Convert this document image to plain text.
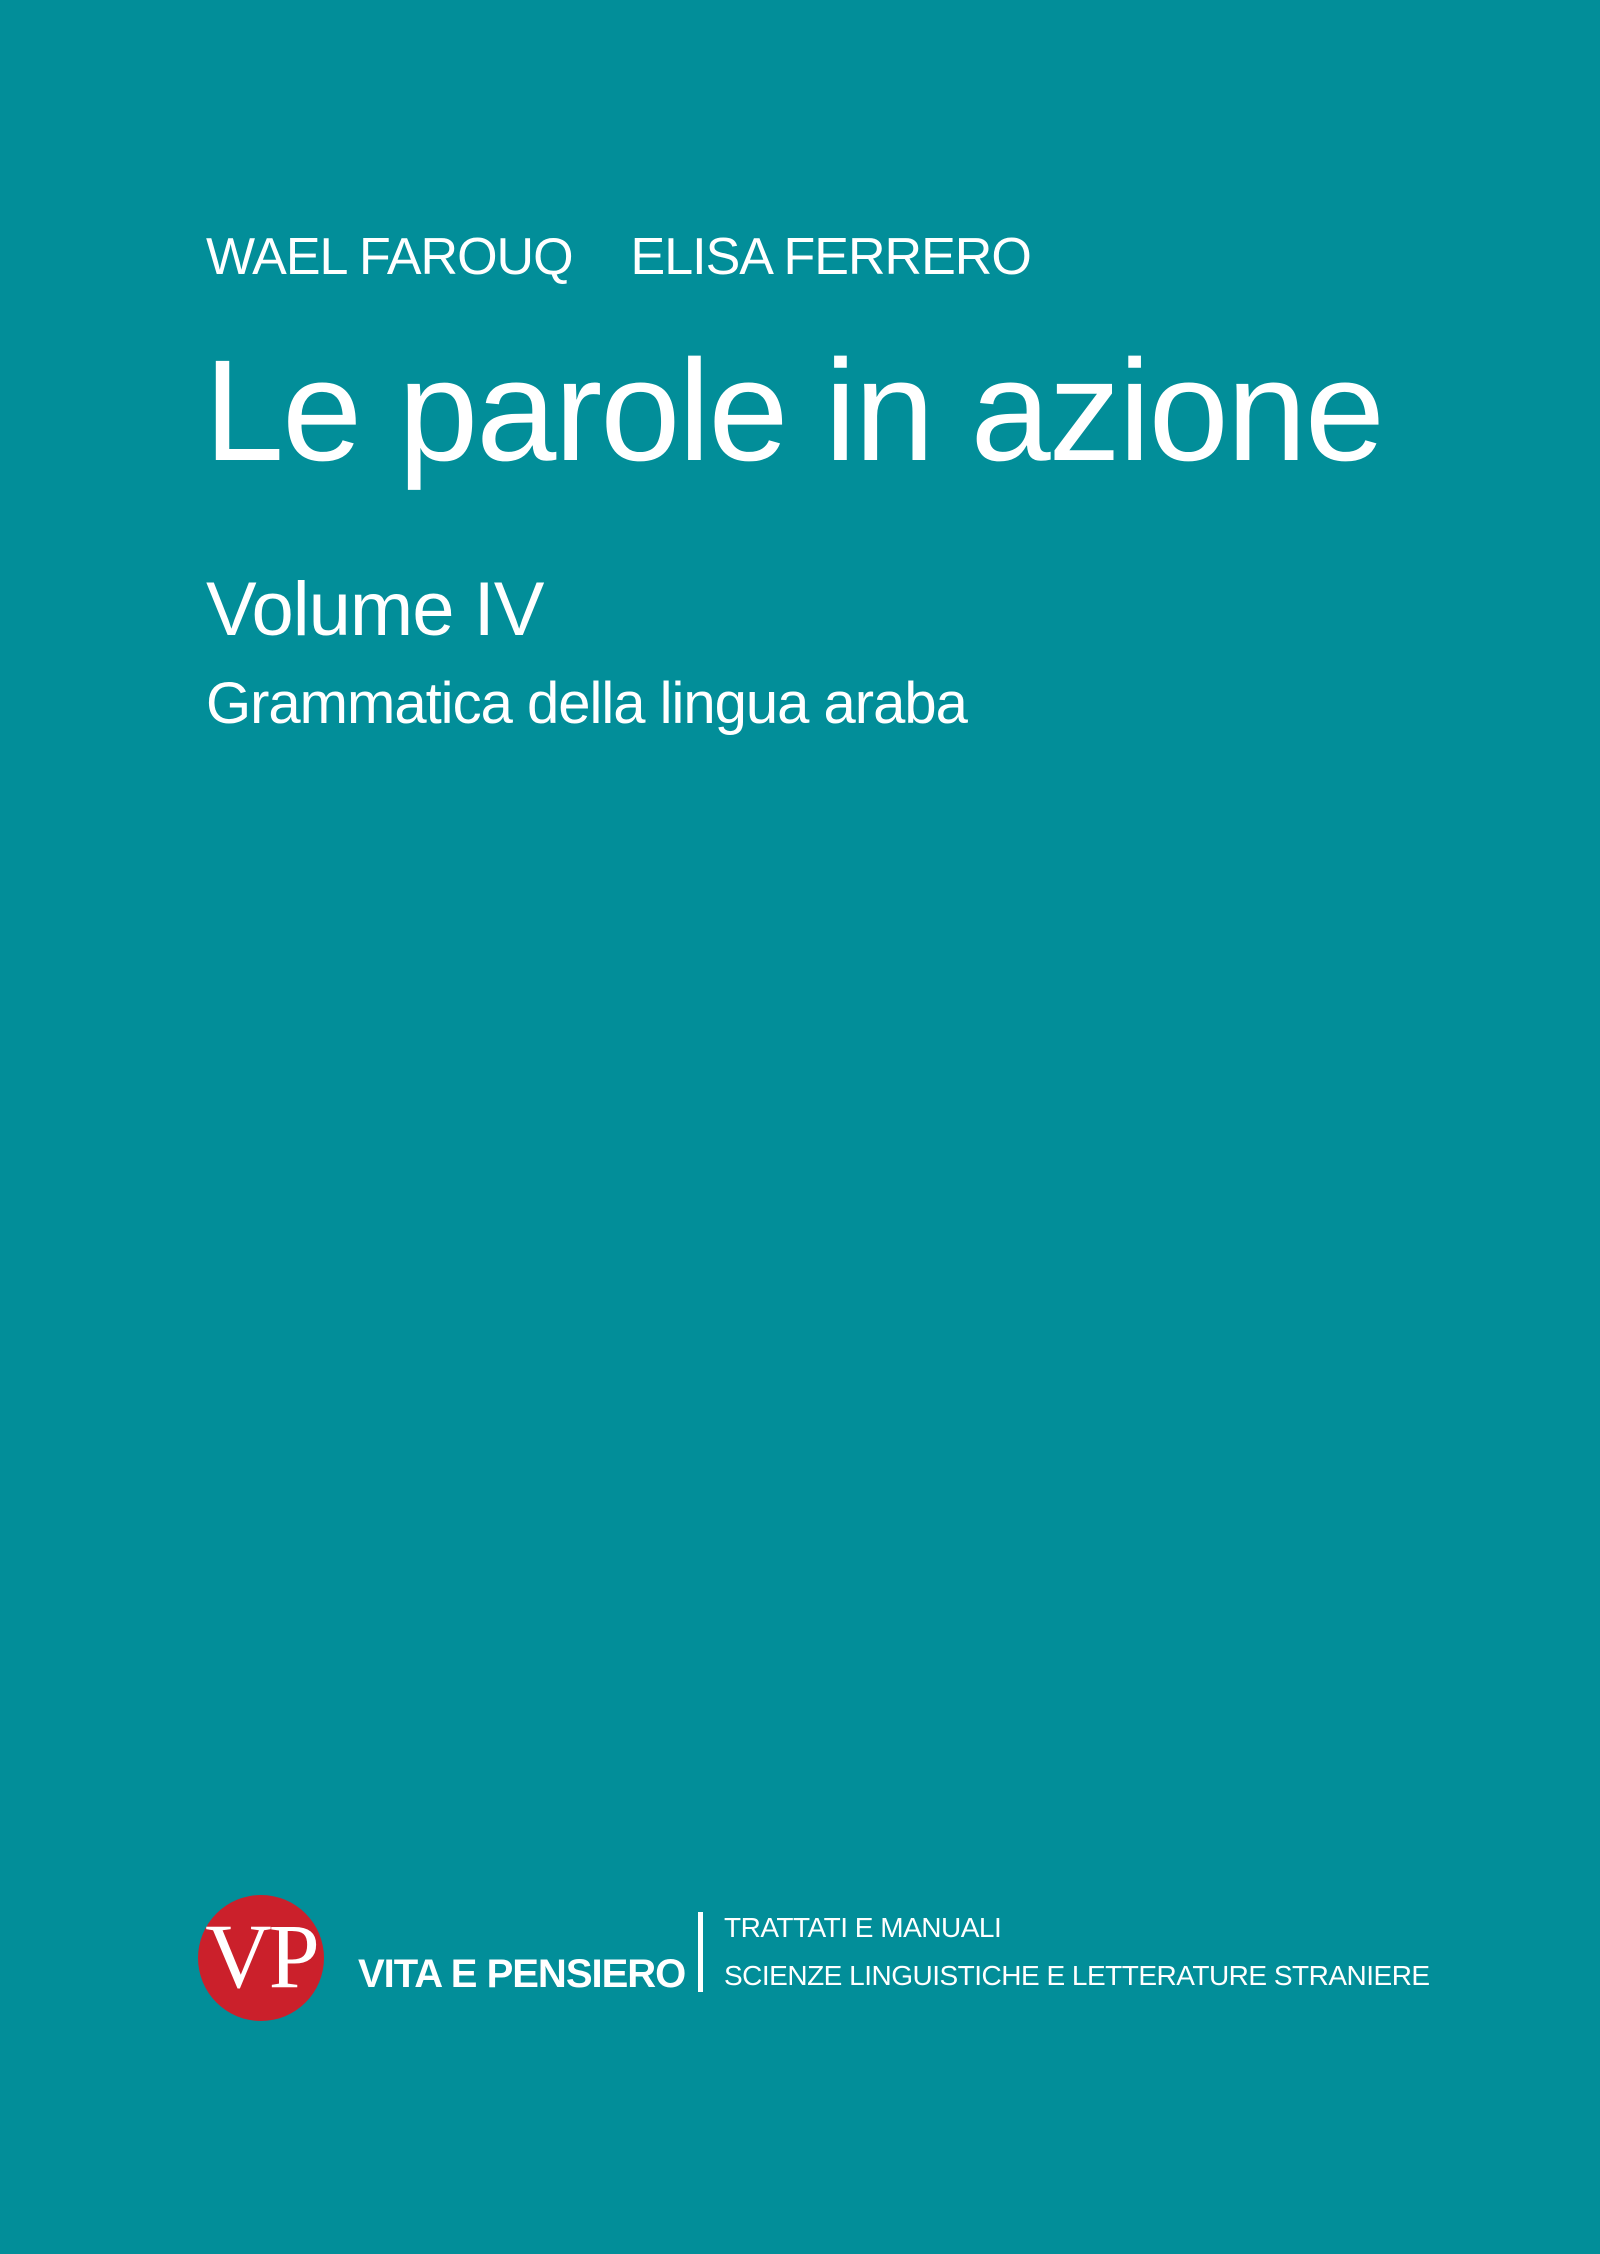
WAEL FAROUQ ELISA FERRERO
Le parole in azione
Volume IV
Grammatica della lingua araba
VP VITA E PENSIERO
TRATTATI E MANUALI
SCIENZE LINGUISTICHE E LETTERATURE STRANIERE
